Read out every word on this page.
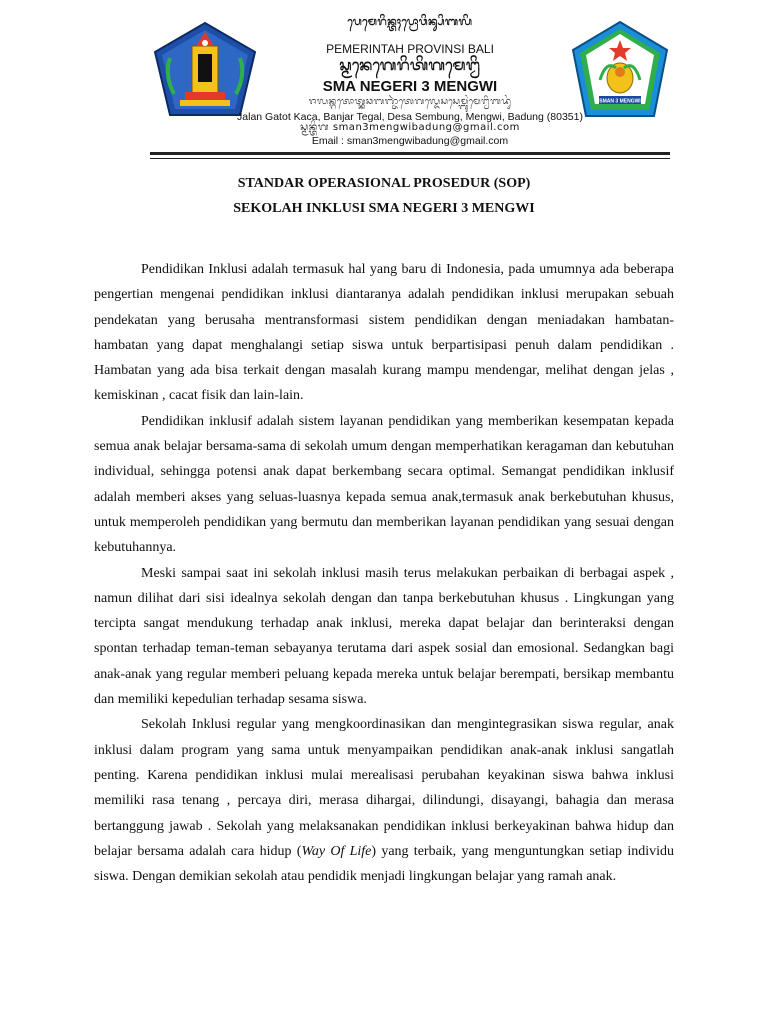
SMAN 3 MENGWI
ᬧᬾᬫᬾᬭᬶᬦ᭄ᬢᬄᬧ᭄ᬭᭀᬯᬶᬦ᭄ᬲᬶᬩᬮᬶ
PEMERINTAH PROVINSI BALI
ᬲ᭄ᬫᬦᬾᬕᬾᬭᬶᬢᬶᬕᬫᬾᬗ᭄ᬯᬶ
SMA NEGERI 3 MENGWI
ᬚᬮᬦ᭄ᬕᬢᭀᬢ᭄ᬓᬘᬩᬜ᭄ᬚᬃᬢᬾᬕᬮ᭄ᬤᬾᬲᬲᬾᬫ᭄ᬩᬸᬂᬫᬾᬗ᭄ᬯᬶᬩᬤᬸᬂ
Jalan Gatot Kaca, Banjar Tegal, Desa Sembung, Mengwi, Badung (80351)
ᬲ᭄ᬫᬦ᭄ᬢᬶᬕ sman3mengwibadung@gmail.com
Email : sman3mengwibadung@gmail.com
STANDAR OPERASIONAL PROSEDUR (SOP)
SEKOLAH INKLUSI SMA NEGERI 3 MENGWI

Pendidikan Inklusi adalah termasuk hal yang baru di Indonesia, pada umumnya ada beberapa pengertian mengenai pendidikan inklusi diantaranya adalah pendidikan inklusi merupakan sebuah pendekatan yang berusaha mentransformasi sistem pendidikan dengan meniadakan hambatan-hambatan yang dapat menghalangi setiap siswa untuk berpartisipasi penuh dalam pendidikan . Hambatan yang ada bisa terkait dengan masalah kurang mampu mendengar, melihat dengan jelas , kemiskinan , cacat fisik dan lain-lain.

Pendidikan inklusif adalah sistem layanan pendidikan yang memberikan kesempatan kepada semua anak belajar bersama-sama di sekolah umum dengan memperhatikan keragaman dan kebutuhan individual, sehingga potensi anak dapat berkembang secara optimal. Semangat pendidikan inklusif adalah memberi akses yang seluas-luasnya kepada semua anak,termasuk anak berkebutuhan khusus, untuk memperoleh pendidikan yang bermutu dan memberikan layanan pendidikan yang sesuai dengan kebutuhannya.

Meski sampai saat ini sekolah inklusi masih terus melakukan perbaikan di berbagai aspek , namun dilihat dari sisi idealnya sekolah dengan dan tanpa berkebutuhan khusus . Lingkungan yang tercipta sangat mendukung terhadap anak inklusi, mereka dapat belajar dan berinteraksi dengan spontan terhadap teman-teman sebayanya terutama dari aspek sosial dan emosional. Sedangkan bagi anak-anak yang regular memberi peluang kepada mereka untuk belajar berempati, bersikap membantu dan memiliki kepedulian terhadap sesama siswa.

Sekolah Inklusi regular yang mengkoordinasikan dan mengintegrasikan siswa regular, anak inklusi dalam program yang sama untuk menyampaikan pendidikan anak-anak inklusi sangatlah penting. Karena pendidikan inklusi mulai merealisasi perubahan keyakinan siswa bahwa inklusi memiliki rasa tenang , percaya diri, merasa dihargai, dilindungi, disayangi, bahagia dan merasa bertanggung jawab . Sekolah yang melaksanakan pendidikan inklusi berkeyakinan bahwa hidup dan belajar bersama adalah cara hidup (Way Of Life) yang terbaik, yang menguntungkan setiap individu siswa. Dengan demikian sekolah atau pendidik menjadi lingkungan belajar yang ramah anak.
